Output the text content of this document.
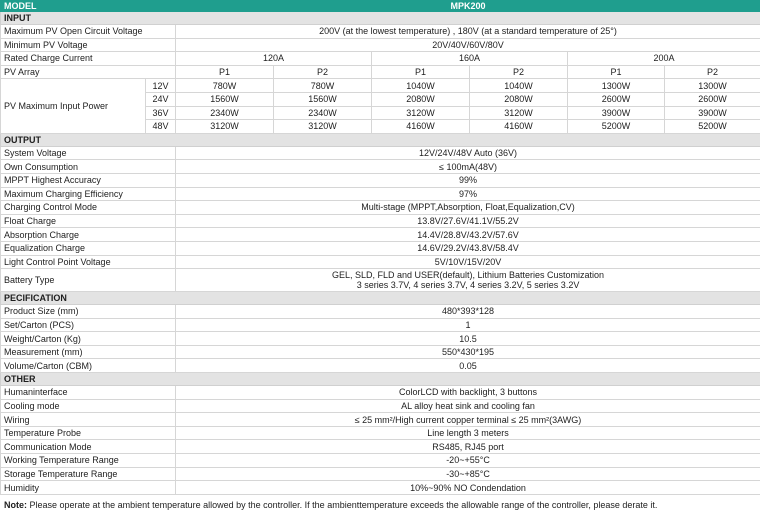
MODEL		MPK200					
INPUT							
Maximum PV Open Circuit Voltage		200V (at the lowest temperature) , 180V (at a standard temperature of 25°)					
Minimum PV Voltage		20V/40V/60V/80V					
Rated Charge Current		120A		160A		200A	
PV Array		P1	P2	P1	P2	P1	P2
PV Maximum Input Power	12V	780W	780W	1040W	1040W	1300W	1300W
	24V	1560W	1560W	2080W	2080W	2600W	2600W
	36V	2340W	2340W	3120W	3120W	3900W	3900W
	48V	3120W	3120W	4160W	4160W	5200W	5200W
OUTPUT							
System Voltage		12V/24V/48V Auto (36V)					
Own Consumption		≤ 100mA(48V)					
MPPT Highest Accuracy		99%					
Maximum Charging Efficiency		97%					
Charging Control Mode		Multi-stage (MPPT,Absorption, Float,Equalization,CV)					
Float Charge		13.8V/27.6V/41.1V/55.2V					
Absorption Charge		14.4V/28.8V/43.2V/57.6V					
Equalization Charge		14.6V/29.2V/43.8V/58.4V					
Light Control Point Voltage		5V/10V/15V/20V					
Battery Type		GEL, SLD, FLD and USER(default), Lithium Batteries Customization
3 series 3.7V, 4 series 3.7V, 4 series 3.2V, 5 series 3.2V					

PECIFICATION							
Product Size (mm)		480*393*128					
Set/Carton (PCS)		1					
Weight/Carton (Kg)		10.5					
Measurement (mm)		550*430*195					
Volume/Carton (CBM)		0.05					
OTHER							
Humaninterface		ColorLCD with backlight, 3 buttons					
Cooling mode		AL alloy heat sink and cooling fan					
Wiring		≤ 25 mm²/High current copper terminal ≤ 25 mm²(3AWG)					
Temperature Probe		Line length 3 meters					
Communication Mode		RS485, RJ45 port					
Working Temperature Range		-20~+55°C					
Storage Temperature Range		-30~+85°C					
Humidity		10%~90% NO Condendation					
Note: Please operate at the ambient temperature allowed by the controller. If the ambienttemperature exceeds the allowable range of the controller, please derate it.
